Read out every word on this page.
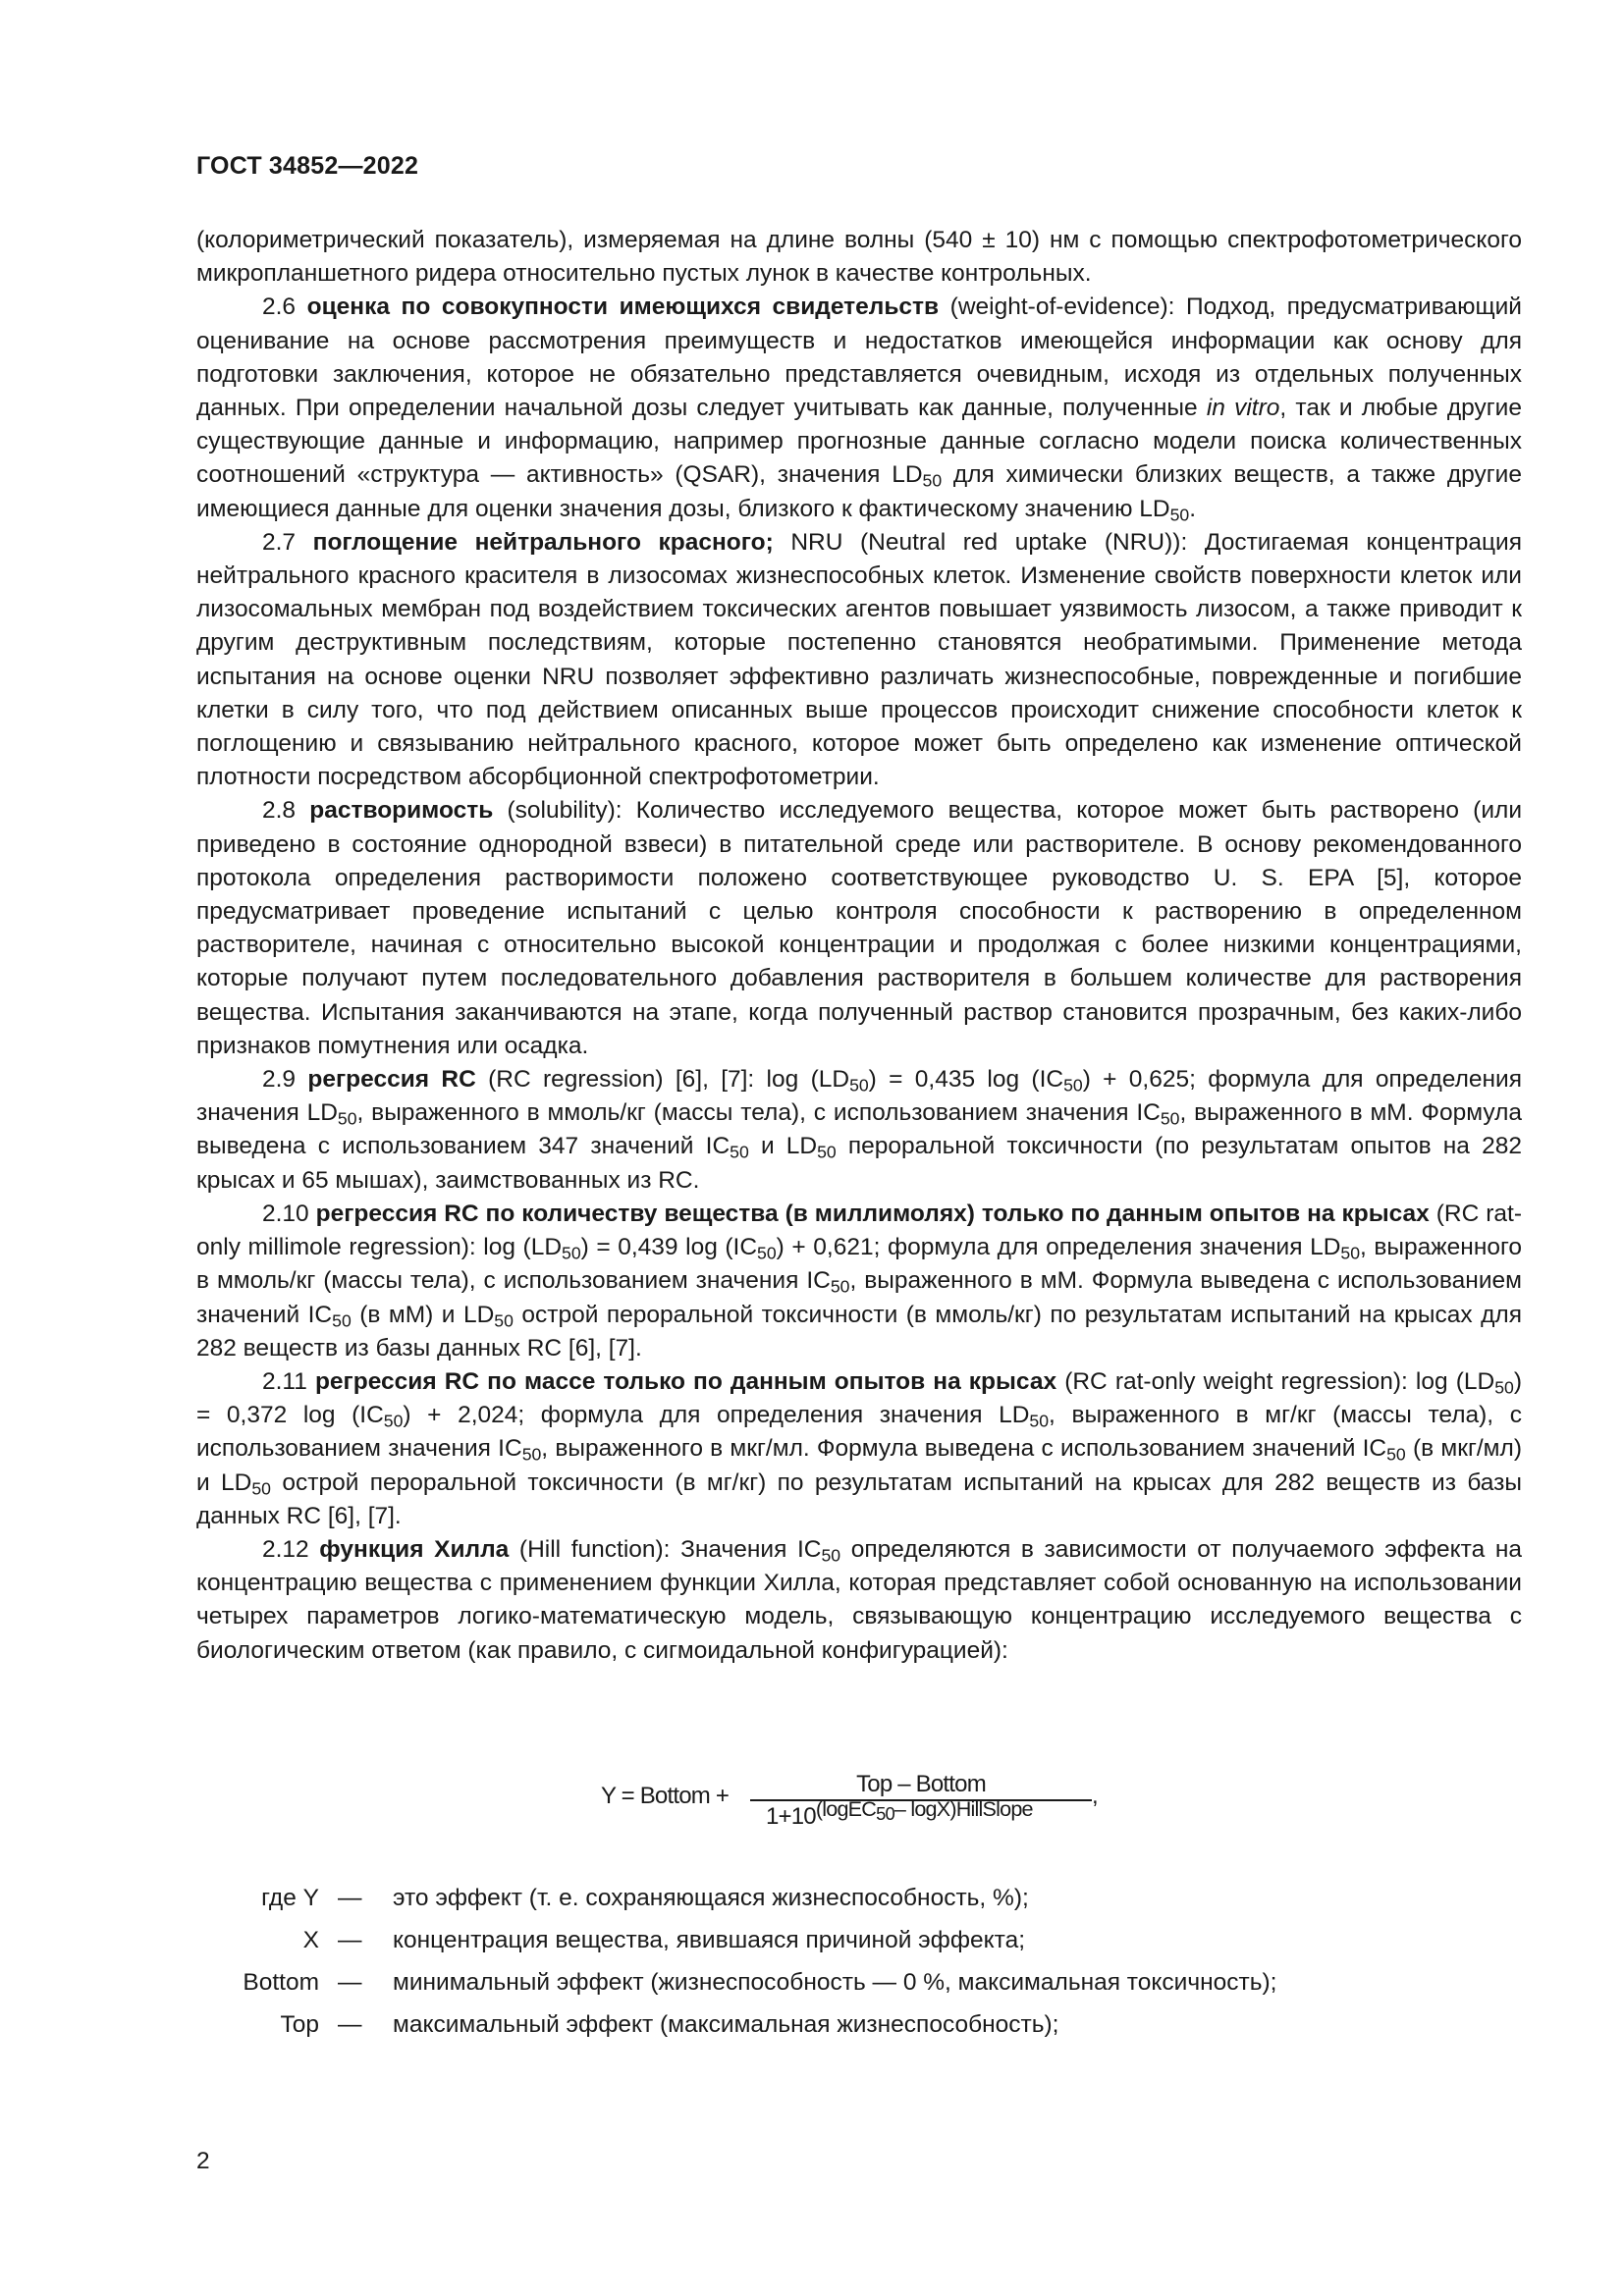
ГОСТ 34852—2022

(колориметрический показатель), измеряемая на длине волны (540 ± 10) нм с помощью спектрофотометрического микропланшетного ридера относительно пустых лунок в качестве контрольных.

2.6 оценка по совокупности имеющихся свидетельств (weight-of-evidence): Подход, предусматривающий оценивание на основе рассмотрения преимуществ и недостатков имеющейся информации как основу для подготовки заключения, которое не обязательно представляется очевидным, исходя из отдельных полученных данных. При определении начальной дозы следует учитывать как данные, полученные in vitro, так и любые другие существующие данные и информацию, например прогнозные данные согласно модели поиска количественных соотношений «структура — активность» (QSAR), значения $LD_{50}$ для химически близких веществ, а также другие имеющиеся данные для оценки значения дозы, близкого к фактическому значению $LD_{50}$.

2.7 поглощение нейтрального красного; NRU (Neutral red uptake (NRU)): Достигаемая концентрация нейтрального красного красителя в лизосомах жизнеспособных клеток. Изменение свойств поверхности клеток или лизосомальных мембран под воздействием токсических агентов повышает уязвимость лизосом, а также приводит к другим деструктивным последствиям, которые постепенно становятся необратимыми. Применение метода испытания на основе оценки NRU позволяет эффективно различать жизнеспособные, поврежденные и погибшие клетки в силу того, что под действием описанных выше процессов происходит снижение способности клеток к поглощению и связыванию нейтрального красного, которое может быть определено как изменение оптической плотности посредством абсорбционной спектрофотометрии.

2.8 растворимость (solubility): Количество исследуемого вещества, которое может быть растворено (или приведено в состояние однородной взвеси) в питательной среде или растворителе. В основу рекомендованного протокола определения растворимости положено соответствующее руководство U. S. EPA [5], которое предусматривает проведение испытаний с целью контроля способности к растворению в определенном растворителе, начиная с относительно высокой концентрации и продолжая с более низкими концентрациями, которые получают путем последовательного добавления растворителя в большем количестве для растворения вещества. Испытания заканчиваются на этапе, когда полученный раствор становится прозрачным, без каких-либо признаков помутнения или осадка.

2.9 регрессия RC (RC regression) [6], [7]: $\log (LD_{50}) = 0,435$ $\log (IC_{50}) + 0,625$; формула для определения значения $LD_{50}$, выраженного в ммоль/кг (массы тела), с использованием значения $IC_{50}$, выраженного в мМ. Формула выведена с использованием 347 значений $IC_{50}$ и $LD_{50}$ пероральной токсичности (по результатам опытов на 282 крысах и 65 мышах), заимствованных из RC.

2.10 регрессия RC по количеству вещества (в миллимолях) только по данным опытов на крысах (RC rat-only millimole regression): $\log (LD_{50}) = 0,439$ $\log (IC_{50}) + 0,621$; формула для определения значения $LD_{50}$, выраженного в ммоль/кг (массы тела), с использованием значения $IC_{50}$, выраженного в мМ. Формула выведена с использованием значений $IC_{50}$ (в мМ) и $LD_{50}$ острой пероральной токсичности (в ммоль/кг) по результатам испытаний на крысах для 282 веществ из базы данных RC [6], [7].

2.11 регрессия RC по массе только по данным опытов на крысах (RC rat-only weight regression): $\log (LD_{50}) = 0,372$ $\log (IC_{50}) + 2,024$; формула для определения значения $LD_{50}$, выраженного в мг/кг (массы тела), с использованием значения $IC_{50}$, выраженного в мкг/мл. Формула выведена с использованием значений $IC_{50}$ (в мкг/мл) и $LD_{50}$ острой пероральной токсичности (в мг/кг) по результатам испытаний на крысах для 282 веществ из базы данных RC [6], [7].

2.12 функция Хилла (Hill function): Значения $IC_{50}$ определяются в зависимости от получаемого эффекта на концентрацию вещества с применением функции Хилла, которая представляет собой основанную на использовании четырех параметров логико-математическую модель, связывающую концентрацию исследуемого вещества с биологическим ответом (как правило, с сигмоидальной конфигурацией):

Y = Bottom +	Top – Bottom
$1+10^{(logEC_{50}- logX)HillSlope}$	,
где Y — это эффект (т. е. сохраняющаяся жизнеспособность, %);
X — концентрация вещества, явившаяся причиной эффекта;
Bottom — минимальный эффект (жизнеспособность — 0 %, максимальная токсичность);
Top — максимальный эффект (максимальная жизнеспособность);
2
